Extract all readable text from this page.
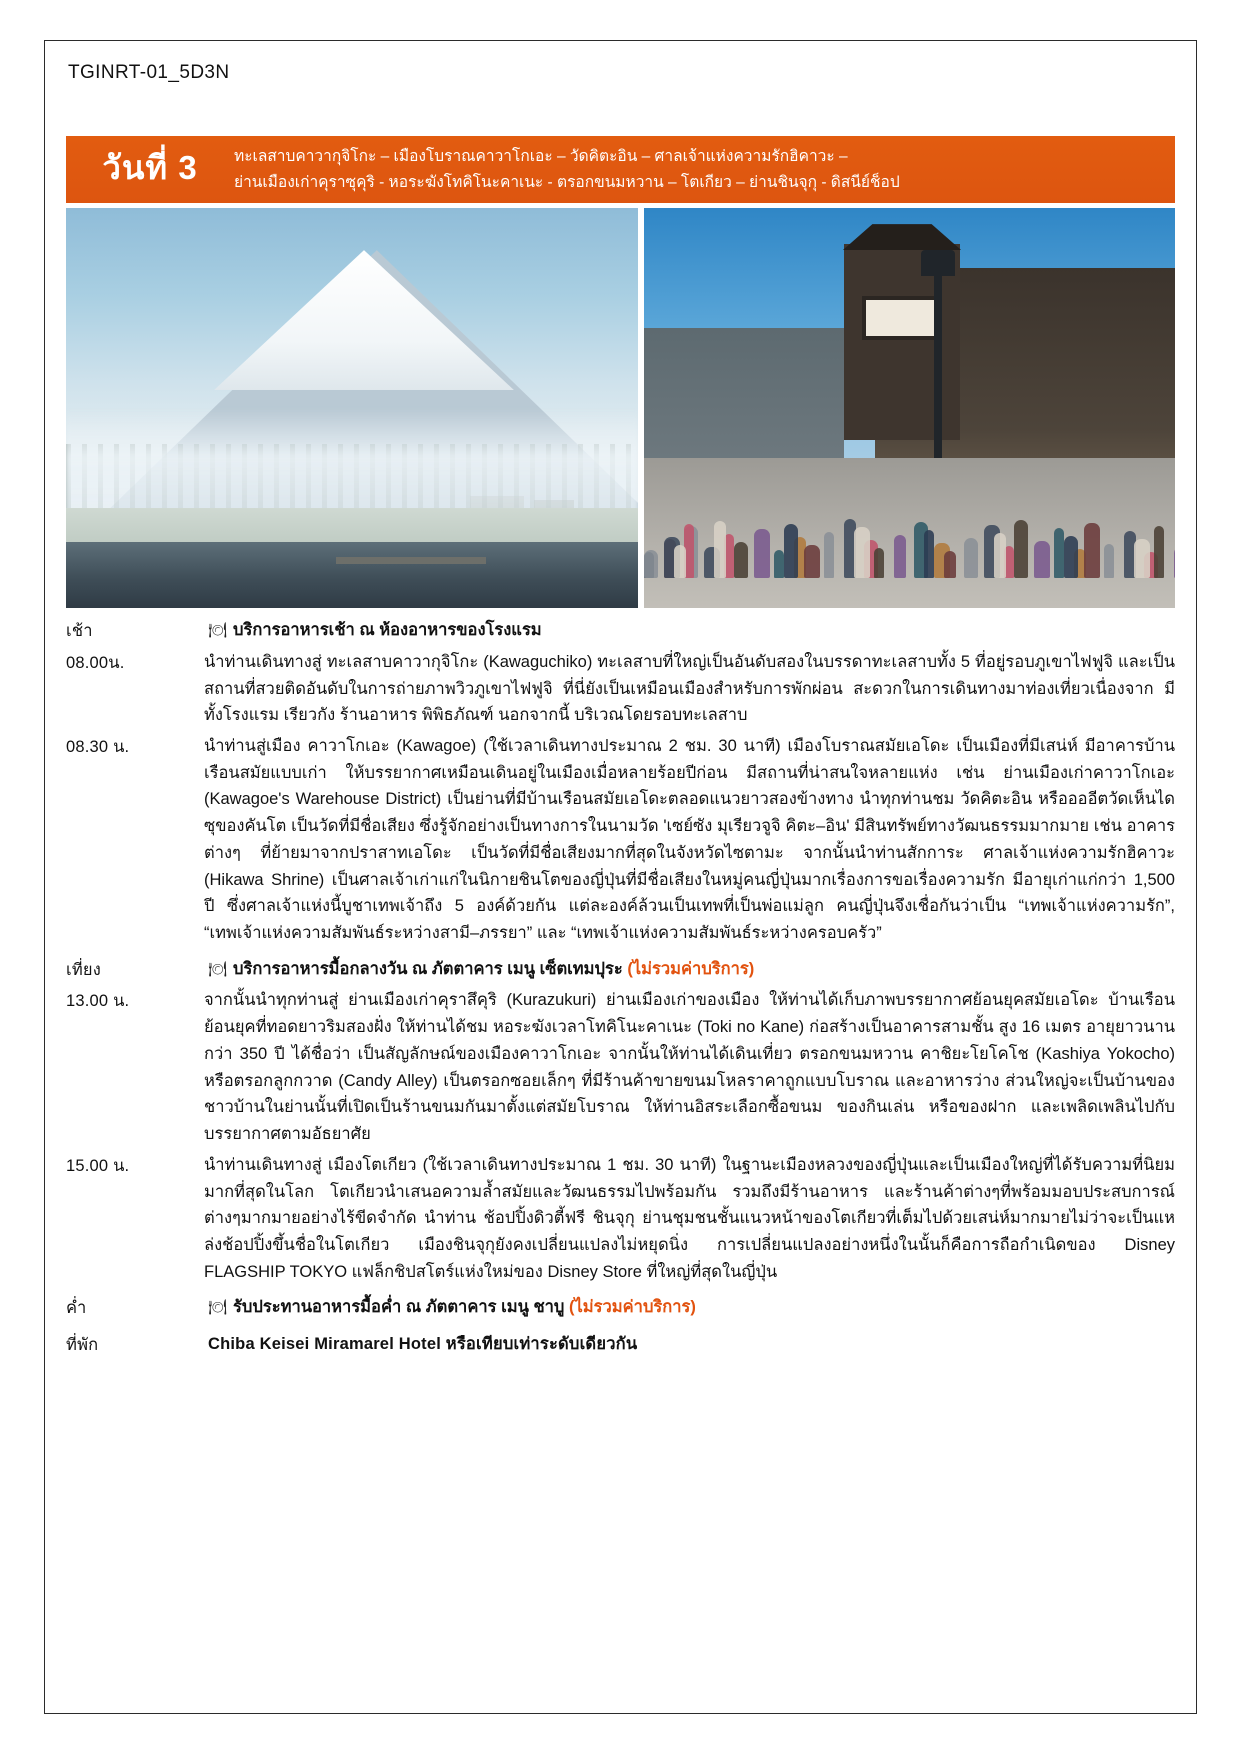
TGINRT-01_5D3N
วันที่ 3	ทะเลสาบคาวากุจิโกะ – เมืองโบราณคาวาโกเอะ – วัดคิตะอิน – ศาลเจ้าแห่งความรักฮิคาวะ –
ย่านเมืองเก่าคุราซุคุริ - หอระฆังโทคิโนะคาเนะ - ตรอกขนมหวาน – โตเกียว – ย่านชินจุกุ - ดิสนีย์ช็อป
เช้า	🍽 บริการอาหารเช้า ณ ห้องอาหารของโรงแรม
08.00น.	นำท่านเดินทางสู่ ทะเลสาบคาวากุจิโกะ (Kawaguchiko) ทะเลสาบที่ใหญ่เป็นอันดับสองในบรรดาทะเลสาบทั้ง 5 ที่อยู่รอบภูเขาไฟฟูจิ และเป็นสถานที่สวยติดอันดับในการถ่ายภาพวิวภูเขาไฟฟูจิ ที่นี่ยังเป็นเหมือนเมืองสำหรับการพักผ่อน สะดวกในการเดินทางมาท่องเที่ยวเนื่องจาก มีทั้งโรงแรม เรียวกัง ร้านอาหาร พิพิธภัณฑ์ นอกจากนี้ บริเวณโดยรอบทะเลสาบ
08.30 น.	นำท่านสู่เมือง คาวาโกเอะ (Kawagoe) (ใช้เวลาเดินทางประมาณ 2 ชม. 30 นาที) เมืองโบราณสมัยเอโดะ เป็นเมืองที่มีเสน่ห์ มีอาคารบ้านเรือนสมัยแบบเก่า ให้บรรยากาศเหมือนเดินอยู่ในเมืองเมื่อหลายร้อยปีก่อน มีสถานที่น่าสนใจหลายแห่ง เช่น ย่านเมืองเก่าคาวาโกเอะ (Kawagoe's Warehouse District) เป็นย่านที่มีบ้านเรือนสมัยเอโดะตลอดแนวยาวสองข้างทาง นำทุกท่านชม วัดคิตะอิน หรืออออีตวัดเห็นไดซุของคันโต เป็นวัดที่มีชื่อเสียง ซึ่งรู้จักอย่างเป็นทางการในนามวัด 'เซย์ซัง มุเรียวจูจิ คิตะ–อิน' มีสินทรัพย์ทางวัฒนธรรมมากมาย เช่น อาคารต่างๆ ที่ย้ายมาจากปราสาทเอโดะ เป็นวัดที่มีชื่อเสียงมากที่สุดในจังหวัดไซตามะ จากนั้นนำท่านสักการะ ศาลเจ้าแห่งความรักฮิคาวะ (Hikawa Shrine) เป็นศาลเจ้าเก่าแก่ในนิกายชินโตของญี่ปุ่นที่มีชื่อเสียงในหมู่คนญี่ปุ่นมากเรื่องการขอเรื่องความรัก มีอายุเก่าแก่กว่า 1,500 ปี ซึ่งศาลเจ้าแห่งนี้บูชาเทพเจ้าถึง 5 องค์ด้วยกัน แต่ละองค์ล้วนเป็นเทพที่เป็นพ่อแม่ลูก คนญี่ปุ่นจึงเชื่อกันว่าเป็น “เทพเจ้าแห่งความรัก”, “เทพเจ้าแห่งความสัมพันธ์ระหว่างสามี–ภรรยา” และ “เทพเจ้าแห่งความสัมพันธ์ระหว่างครอบครัว”
เที่ยง	🍽 บริการอาหารมื้อกลางวัน ณ ภัตตาคาร เมนู เซ็ตเทมปุระ (ไม่รวมค่าบริการ)
13.00 น.	จากนั้นนำทุกท่านสู่ ย่านเมืองเก่าคุราสึคุริ (Kurazukuri) ย่านเมืองเก่าของเมือง ให้ท่านได้เก็บภาพบรรยากาศย้อนยุคสมัยเอโดะ บ้านเรือนย้อนยุคที่ทอดยาวริมสองฝั่ง ให้ท่านได้ชม หอระฆังเวลาโทคิโนะคาเนะ (Toki no Kane) ก่อสร้างเป็นอาคารสามชั้น สูง 16 เมตร อายุยาวนานกว่า 350 ปี ได้ชื่อว่า เป็นสัญลักษณ์ของเมืองคาวาโกเอะ จากนั้นให้ท่านได้เดินเที่ยว ตรอกขนมหวาน คาชิยะโยโคโช (Kashiya Yokocho) หรือตรอกลูกกวาด (Candy Alley) เป็นตรอกซอยเล็กๆ ที่มีร้านค้าขายขนมโหลราคาถูกแบบโบราณ และอาหารว่าง ส่วนใหญ่จะเป็นบ้านของชาวบ้านในย่านนั้นที่เปิดเป็นร้านขนมกันมาตั้งแต่สมัยโบราณ ให้ท่านอิสระเลือกซื้อขนม ของกินเล่น หรือของฝาก และเพลิดเพลินไปกับบรรยากาศตามอัธยาศัย
15.00 น.	นำท่านเดินทางสู่ เมืองโตเกียว (ใช้เวลาเดินทางประมาณ 1 ชม. 30 นาที) ในฐานะเมืองหลวงของญี่ปุ่นและเป็นเมืองใหญ่ที่ได้รับความที่นิยมมากที่สุดในโลก โตเกียวนำเสนอความล้ำสมัยและวัฒนธรรมไปพร้อมกัน รวมถึงมีร้านอาหาร และร้านค้าต่างๆที่พร้อมมอบประสบการณ์ต่างๆมากมายอย่างไร้ขีดจำกัด นำท่าน ช้อปปิ้งดิวตี้ฟรี ชินจุกุ ย่านชุมชนชั้นแนวหน้าของโตเกียวที่เต็มไปด้วยเสน่ห์มากมายไม่ว่าจะเป็นแหล่งช้อปปิ้งขึ้นชื่อในโตเกียว เมืองชินจุกุยังคงเปลี่ยนแปลงไม่หยุดนิ่ง การเปลี่ยนแปลงอย่างหนึ่งในนั้นก็คือการถือกำเนิดของ Disney FLAGSHIP TOKYO แฟล็กชิปสโตร์แห่งใหม่ของ Disney Store ที่ใหญ่ที่สุดในญี่ปุ่น
ค่ำ	🍽 รับประทานอาหารมื้อค่ำ ณ ภัตตาคาร เมนู ชาบู (ไม่รวมค่าบริการ)
ที่พัก	Chiba Keisei Miramarel Hotel หรือเทียบเท่าระดับเดียวกัน
